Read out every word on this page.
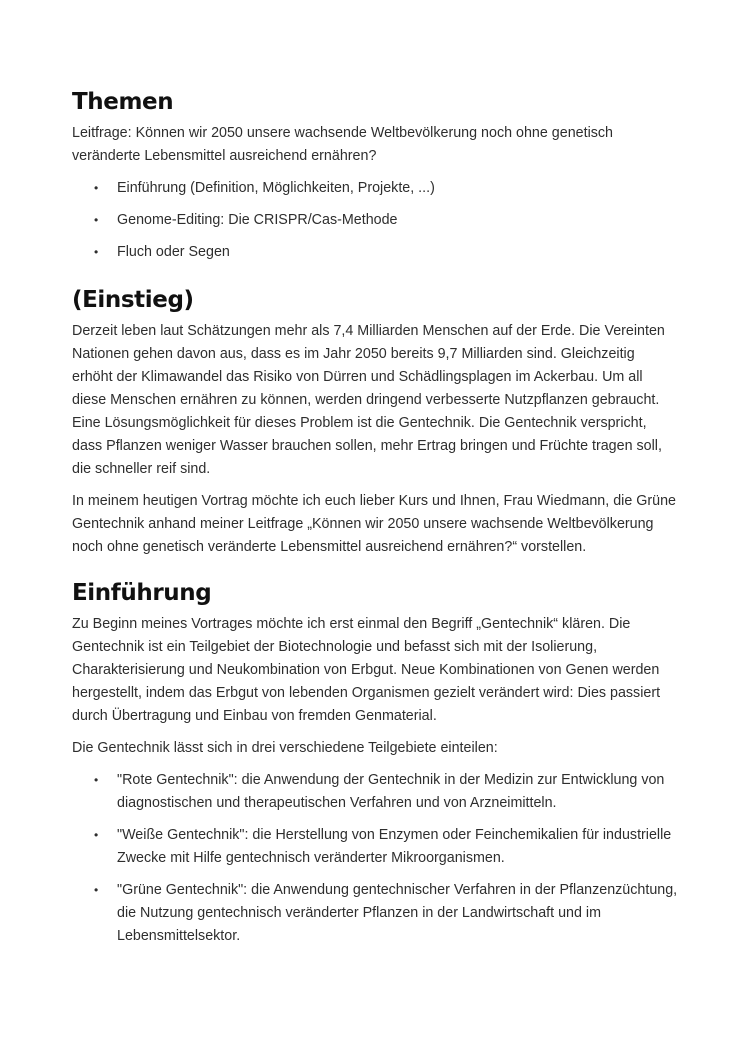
Themen

Leitfrage: Können wir 2050 unsere wachsende Weltbevölkerung noch ohne genetisch veränderte Lebensmittel ausreichend ernähren?

• Einführung (Definition, Möglichkeiten, Projekte, ...)
• Genome-Editing: Die CRISPR/Cas-Methode
• Fluch oder Segen
(Einstieg)

Derzeit leben laut Schätzungen mehr als 7,4 Milliarden Menschen auf der Erde. Die Vereinten Nationen gehen davon aus, dass es im Jahr 2050 bereits 9,7 Milliarden sind. Gleichzeitig erhöht der Klimawandel das Risiko von Dürren und Schädlingsplagen im Ackerbau. Um all diese Menschen ernähren zu können, werden dringend verbesserte Nutzpflanzen gebraucht. Eine Lösungsmöglichkeit für dieses Problem ist die Gentechnik. Die Gentechnik verspricht, dass Pflanzen weniger Wasser brauchen sollen, mehr Ertrag bringen und Früchte tragen soll, die schneller reif sind.

In meinem heutigen Vortrag möchte ich euch lieber Kurs und Ihnen, Frau Wiedmann, die Grüne Gentechnik anhand meiner Leitfrage „Können wir 2050 unsere wachsende Weltbevölkerung noch ohne genetisch veränderte Lebensmittel ausreichend ernähren?“ vorstellen.

Einführung

Zu Beginn meines Vortrages möchte ich erst einmal den Begriff „Gentechnik“ klären. Die Gentechnik ist ein Teilgebiet der Biotechnologie und befasst sich mit der Isolierung, Charakterisierung und Neukombination von Erbgut. Neue Kombinationen von Genen werden hergestellt, indem das Erbgut von lebenden Organismen gezielt verändert wird: Dies passiert durch Übertragung und Einbau von fremden Genmaterial.

Die Gentechnik lässt sich in drei verschiedene Teilgebiete einteilen:

• "Rote Gentechnik": die Anwendung der Gentechnik in der Medizin zur Entwicklung von diagnostischen und therapeutischen Verfahren und von Arzneimitteln.
• "Weiße Gentechnik": die Herstellung von Enzymen oder Feinchemikalien für industrielle Zwecke mit Hilfe gentechnisch veränderter Mikroorganismen.
• "Grüne Gentechnik": die Anwendung gentechnischer Verfahren in der Pflanzenzüchtung, die Nutzung gentechnisch veränderter Pflanzen in der Landwirtschaft und im Lebensmittelsektor.
